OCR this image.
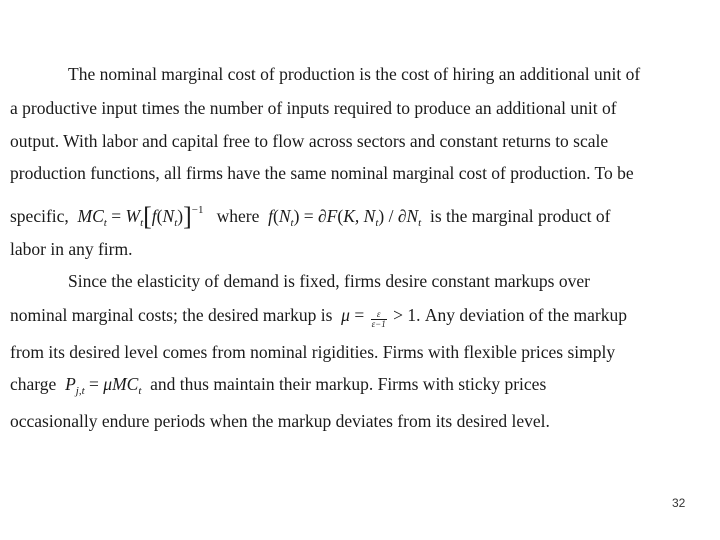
The nominal marginal cost of production is the cost of hiring an additional unit of
a productive input times the number of inputs required to produce an additional unit of
output. With labor and capital free to flow across sectors and constant returns to scale
production functions, all firms have the same nominal marginal cost of production. To be
specific,  $MC_t = W_t[f(N_t)]^{-1}$ where $f(N_t) = \partial F(K$, $N_t) / \partial N_t$ is the marginal product of
labor in any firm.
Since the elasticity of demand is fixed, firms desire constant markups over
nominal marginal costs; the desired markup is  $\mu = \frac{\varepsilon}{\varepsilon-1} > 1$. Any deviation of the markup
from its desired level comes from nominal rigidities. Firms with flexible prices simply
charge  $P_{j,t} = \mu MC_t$ and thus maintain their markup. Firms with sticky prices
occasionally endure periods when the markup deviates from its desired level.
32
